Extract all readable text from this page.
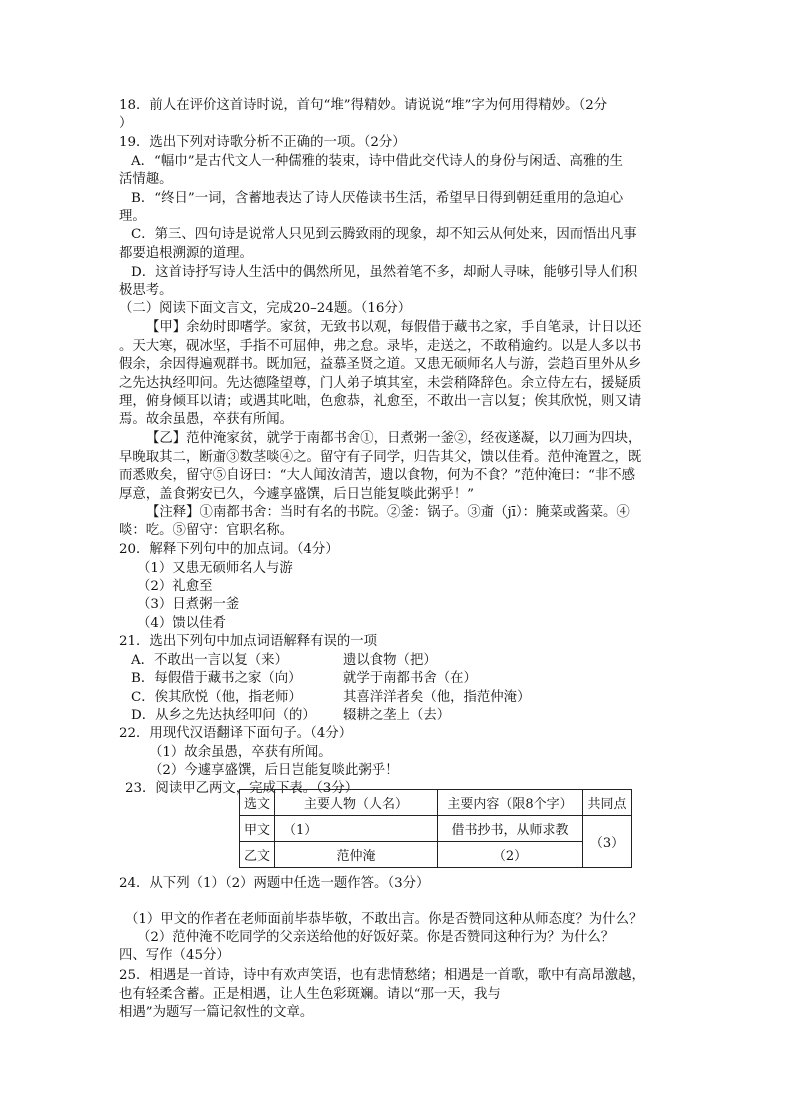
18．前人在评价这首诗时说，首句“堆”得精妙。请说说“堆”字为何用得精妙。（2分
）
19．选出下列对诗歌分析不正确的一项。（2分）
A．“幅巾”是古代文人一种儒雅的装束，诗中借此交代诗人的身份与闲适、高雅的生
活情趣。
B．“终日”一词，含蓄地表达了诗人厌倦读书生活，希望早日得到朝廷重用的急迫心
理。
C．第三、四句诗是说常人只见到云腾致雨的现象，却不知云从何处来，因而悟出凡事
都要追根溯源的道理。
D．这首诗抒写诗人生活中的偶然所见，虽然着笔不多，却耐人寻味，能够引导人们积
极思考。
（二）阅读下面文言文，完成20–24题。（16分）
【甲】余幼时即嗜学。家贫，无致书以观，每假借于藏书之家，手自笔录，计日以还
。天大寒，砚冰坚，手指不可屈伸，弗之怠。录毕，走送之，不敢稍逾约。以是人多以书
假余，余因得遍观群书。既加冠，益慕圣贤之道。又患无硕师名人与游，尝趋百里外从乡
之先达执经叩问。先达德隆望尊，门人弟子填其室，未尝稍降辞色。余立侍左右，援疑质
理，俯身倾耳以请；或遇其叱咄，色愈恭，礼愈至，不敢出一言以复；俟其欣悦，则又请
焉。故余虽愚，卒获有所闻。
【乙】范仲淹家贫，就学于南都书舍①，日煮粥一釜②，经夜遂凝，以刀画为四块，
早晚取其二，断齑③数茎啖④之。留守有子同学，归告其父，馈以佳肴。范仲淹置之，既
而悉败矣，留守⑤自讶曰：“大人闻汝清苦，遗以食物，何为不食？”范仲淹曰：“非不感
厚意，盖食粥安已久，今遽享盛馔，后日岂能复啖此粥乎！”
【注释】①南都书舍：当时有名的书院。②釜：锅子。③齑（jī）：腌菜或酱菜。④
啖：吃。⑤留守：官职名称。
20．解释下列句中的加点词。（4分）
（1）又患无硕师名人与游
（2）礼愈至
（3）日煮粥一釜
（4）馈以佳肴
21．选出下列句中加点词语解释有误的一项
A．不敢出一言以复（来）	遗以食物（把）
B．每假借于藏书之家（向）	就学于南都书舍（在）
C．俟其欣悦（他，指老师）	其喜洋洋者矣（他，指范仲淹）
D．从乡之先达执经叩问（的） 辍耕之垄上（去）
22．用现代汉语翻译下面句子。（4分）
（1）故余虽愚，卒获有所闻。
（2）今遽享盛馔，后日岂能复啖此粥乎！
23．阅读甲乙两文，完成下表。（3分）
选文	主要人物（人名）	主要内容（限8个字）	共同点
甲文	（1）	借书抄书，从师求教	（3）
乙文	范仲淹	（2）	
24．从下列（1）（2）两题中任选一题作答。（3分）
（1）甲文的作者在老师面前毕恭毕敬，不敢出言。你是否赞同这种从师态度？为什么？
（2）范仲淹不吃同学的父亲送给他的好饭好菜。你是否赞同这种行为？为什么？
四、写作（45分）
25．相遇是一首诗，诗中有欢声笑语，也有悲情愁绪；相遇是一首歌，歌中有高昂激越，
也有轻柔含蓄。正是相遇，让人生色彩斑斓。请以“那一天，我与
相遇”为题写一篇记叙性的文章。
